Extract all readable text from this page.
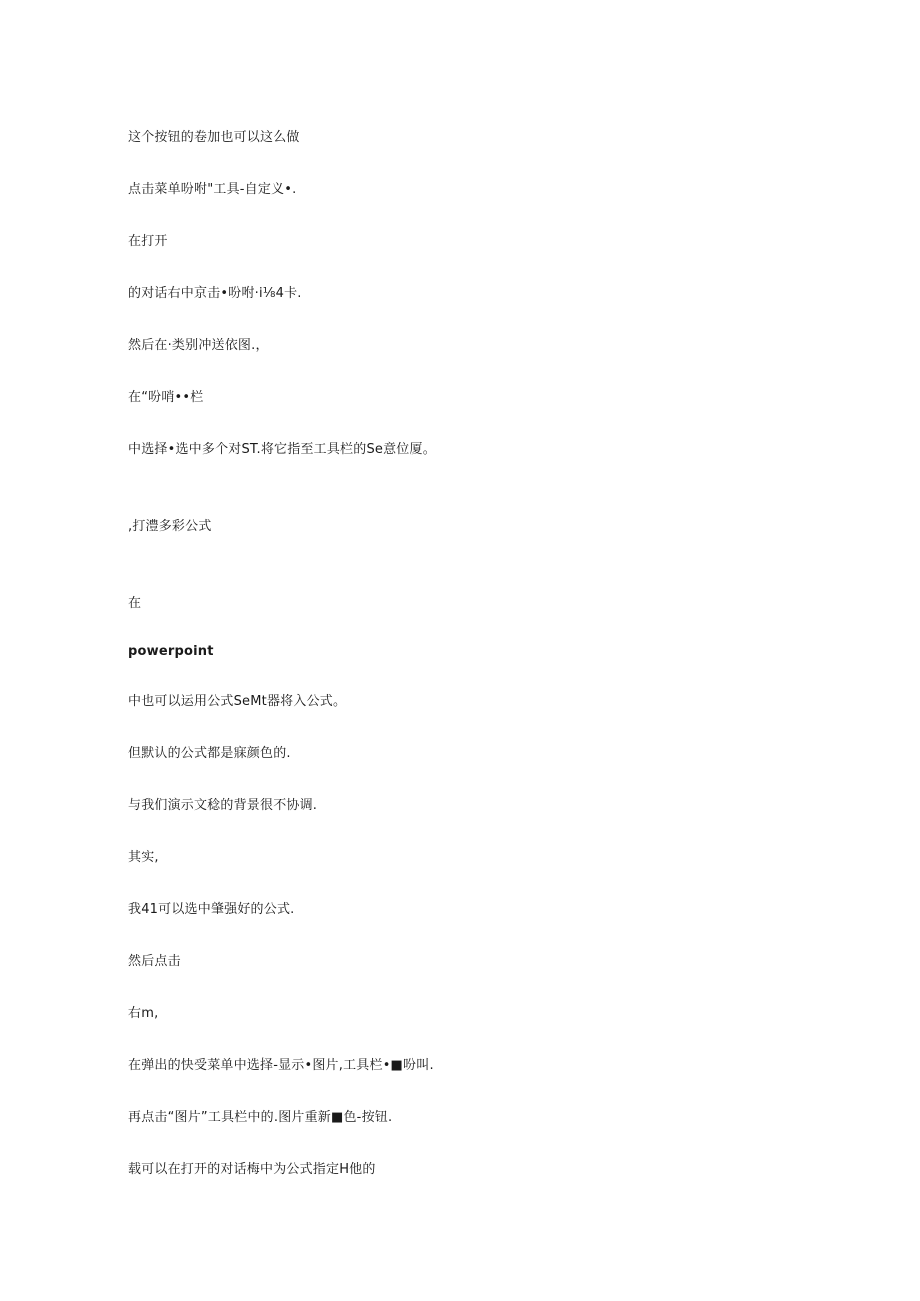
这个按钮的卷加也可以这么做
点击菜单吩咐"工具-自定义•.
在打开
的对话右中京击•吩咐·i⅛4卡.
然后在·类别冲送依图.，
在“吩哨••栏
中选择•选中多个对ST.将它指至工具栏的Se意位厦。
,打澧多彩公式
在
powerpoint
中也可以运用公式SeMt器将入公式。
但默认的公式都是寐颜色的.
与我们演示文稔的背景很不协调.
其实,
我41可以选中肇强好的公式.
然后点击
右m,
在弹出的快受菜单中选择-显示•图片,工具栏•■吩叫.
再点击“图片”工具栏中的.图片重新■色-按钮.
载可以在打开的对话梅中为公式指定H他的
